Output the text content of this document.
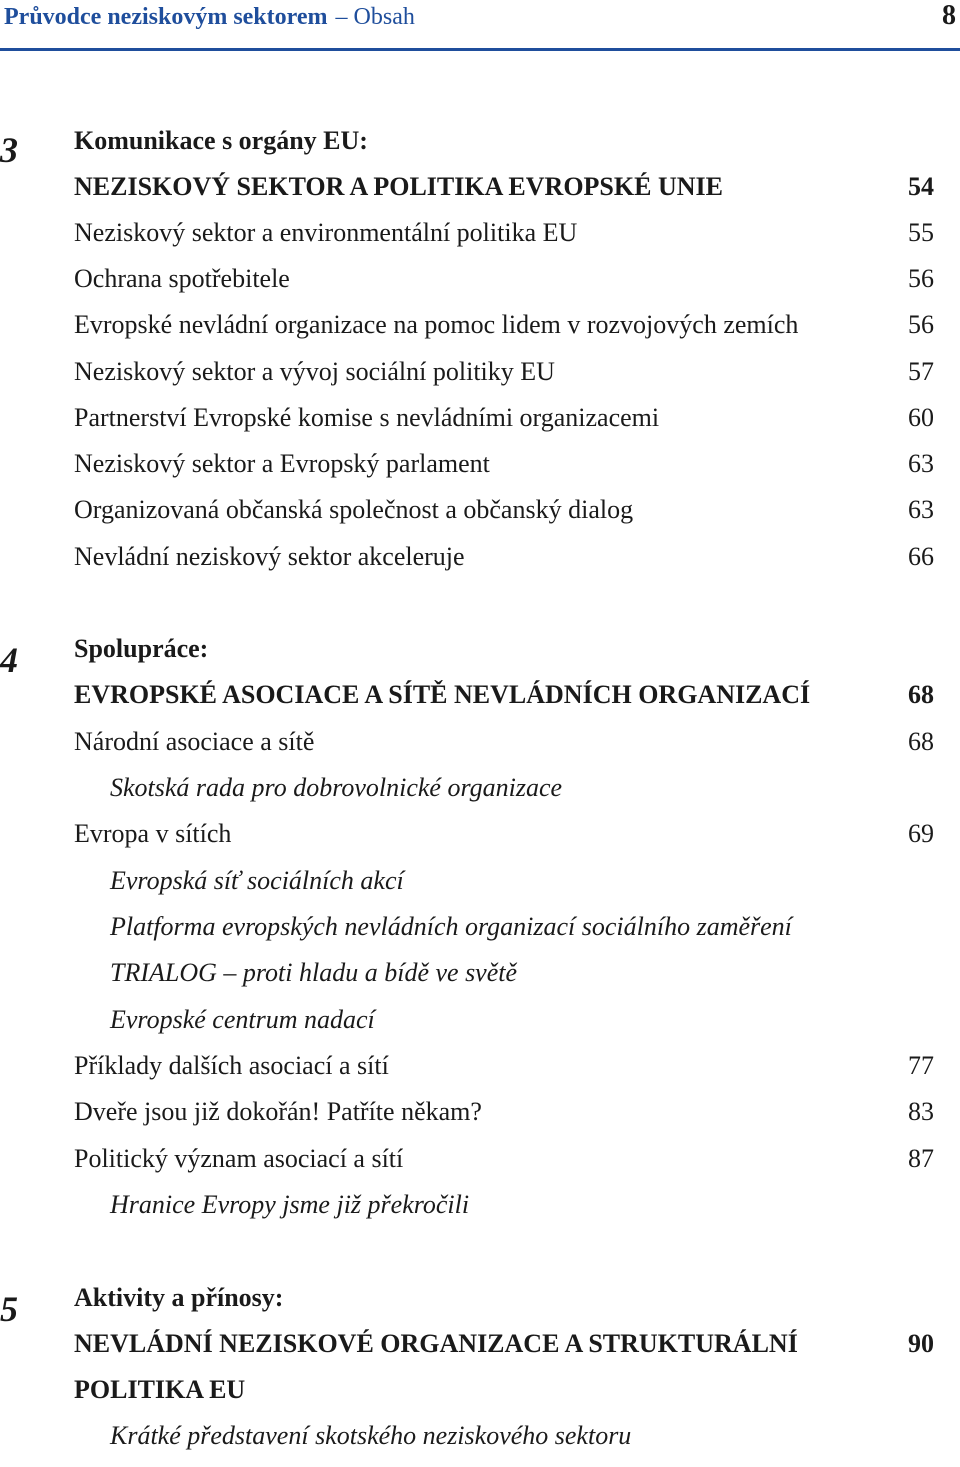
Průvodce neziskovým sektorem – Obsah	8
3 Komunikace s orgány EU:
NEZISKOVÝ SEKTOR A POLITIKA EVROPSKÉ UNIE	54
Neziskový sektor a environmentální politika EU	55
Ochrana spotřebitele	56
Evropské nevládní organizace na pomoc lidem v rozvojových zemích	56
Neziskový sektor a vývoj sociální politiky EU	57
Partnerství Evropské komise s nevládními organizacemi	60
Neziskový sektor a Evropský parlament	63
Organizovaná občanská společnost a občanský dialog	63
Nevládní neziskový sektor akceleruje	66
4 Spolupráce:
EVROPSKÉ ASOCIACE A SÍTĚ NEVLÁDNÍCH ORGANIZACÍ	68
Národní asociace a sítě	68
Skotská rada pro dobrovolnické organizace
Evropa v sítích	69
Evropská síť sociálních akcí
Platforma evropských nevládních organizací sociálního zaměření
TRIALOG – proti hladu a bídě ve světě
Evropské centrum nadací
Příklady dalších asociací a sítí	77
Dveře jsou již dokořán! Patříte někam?	83
Politický význam asociací a sítí	87
Hranice Evropy jsme již překročili
5 Aktivity a přínosy:
NEVLÁDNÍ NEZISKOVÉ ORGANIZACE A STRUKTURÁLNÍ	90
POLITIKA EU
Krátké představení skotského neziskového sektoru
